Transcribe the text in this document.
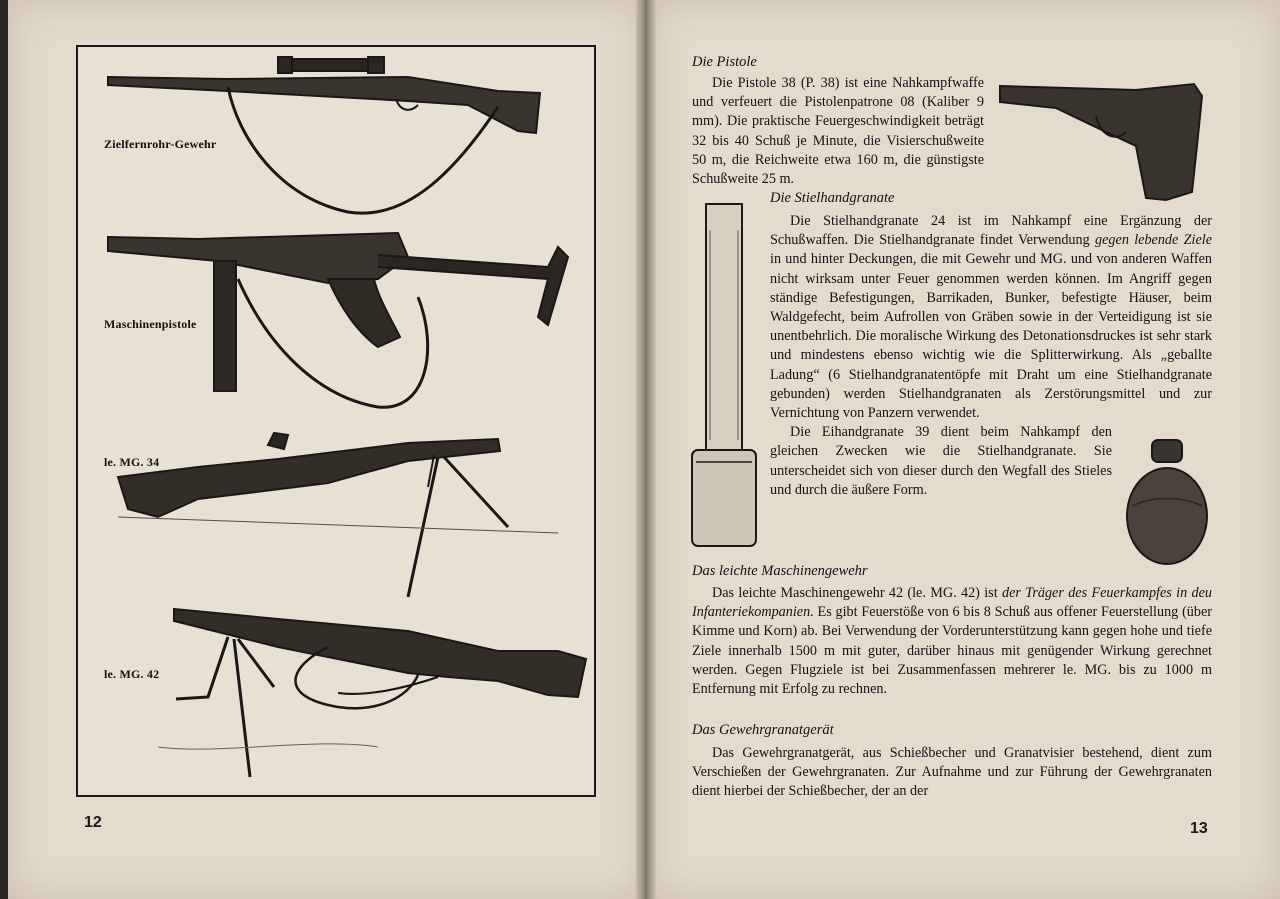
Zielfernrohr-Gewehr
Maschinenpistole
le. MG. 34
le. MG. 42
12
Die Pistole

Die Pistole 38 (P. 38) ist eine Nahkampfwaffe und verfeuert die Pistolenpatrone 08 (Kaliber 9 mm). Die praktische Feuergeschwindigkeit beträgt 32 bis 40 Schuß je Minute, die Visierschußweite 50 m, die Reichweite etwa 160 m, die günstigste Schußweite 25 m.

Die Stielhandgranate

Die Stielhandgranate 24 ist im Nahkampf eine Ergänzung der Schußwaffen. Die Stielhandgranate findet Verwendung gegen lebende Ziele in und hinter Deckungen, die mit Gewehr und MG. und von anderen Waffen nicht wirksam unter Feuer genommen werden können. Im Angriff gegen ständige Befestigungen, Barrikaden, Bunker, befestigte Häuser, beim Waldgefecht, beim Aufrollen von Gräben sowie in der Verteidigung ist sie unentbehrlich. Die moralische Wirkung des Detonationsdruckes ist sehr stark und mindestens ebenso wichtig wie die Splitterwirkung. Als „geballte Ladung“ (6 Stielhandgranatentöpfe mit Draht um eine Stielhandgranate gebunden) werden Stielhandgranaten als Zerstörungsmittel und zur Vernichtung von Panzern verwendet.

Die Eihandgranate 39 dient beim Nahkampf den gleichen Zwecken wie die Stielhandgranate. Sie unterscheidet sich von dieser durch den Wegfall des Stieles und durch die äußere Form.

Das leichte Maschinengewehr

Das leichte Maschinengewehr 42 (le. MG. 42) ist der Träger des Feuerkampfes in deu Infanteriekompanien. Es gibt Feuerstöße von 6 bis 8 Schuß aus offener Feuerstellung (über Kimme und Korn) ab. Bei Verwendung der Vorderunterstützung kann gegen hohe und tiefe Ziele innerhalb 1500 m mit guter, darüber hinaus mit genügender Wirkung gerechnet werden. Gegen Flugziele ist bei Zusammenfassen mehrerer le. MG. bis zu 1000 m Entfernung mit Erfolg zu rechnen.

Das Gewehrgranatgerät

Das Gewehrgranatgerät, aus Schießbecher und Granatvisier bestehend, dient zum Verschießen der Gewehrgranaten. Zur Aufnahme und zur Führung der Gewehrgranaten dient hierbei der Schießbecher, der an der

13
